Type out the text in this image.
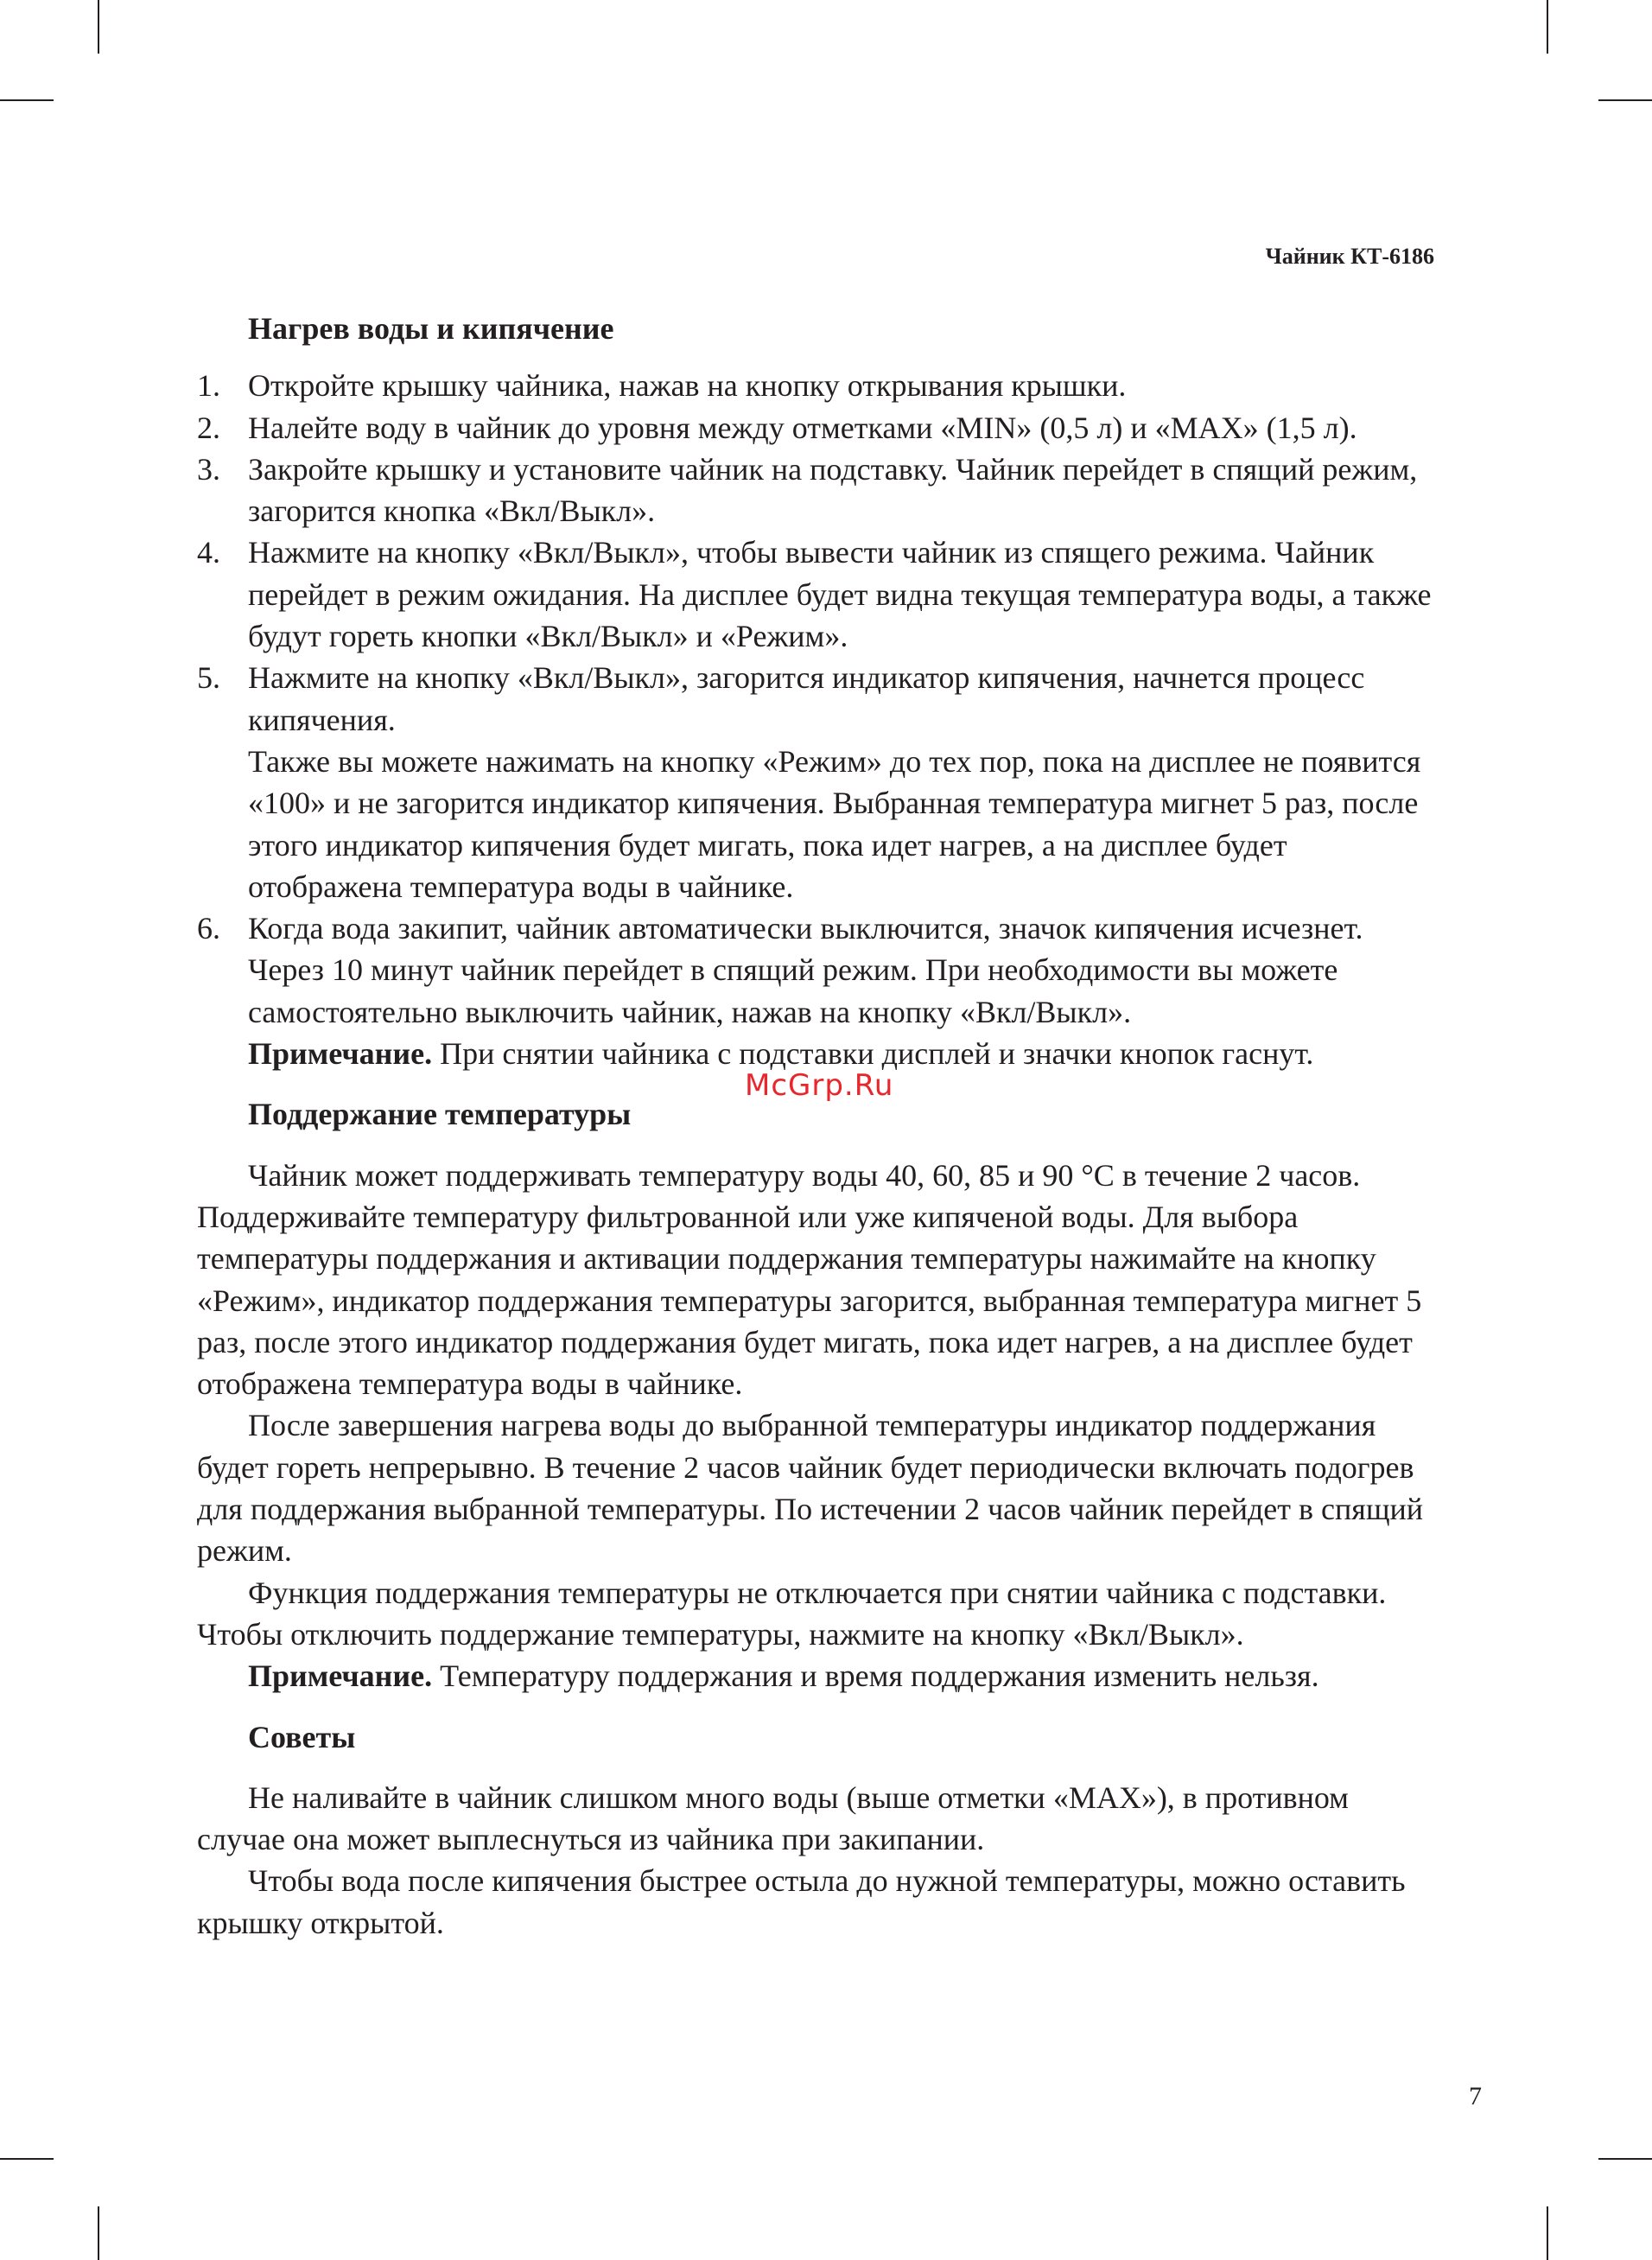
Чайник КТ-6186

Нагрев воды и кипячение

1. Откройте крышку чайника, нажав на кнопку открывания крышки.

2. Налейте воду в чайник до уровня между отметками «MIN» (0,5 л) и «MAX» (1,5 л).

3. Закройте крышку и установите чайник на подставку. Чайник перейдет в спящий режим, загорится кнопка «Вкл/Выкл».

4. Нажмите на кнопку «Вкл/Выкл», чтобы вывести чайник из спящего режима. Чайник перейдет в режим ожидания. На дисплее будет видна текущая температура воды, а также будут гореть кнопки «Вкл/Выкл» и «Режим».

5. Нажмите на кнопку «Вкл/Выкл», загорится индикатор кипячения, начнется процесс кипячения.

Также вы можете нажимать на кнопку «Режим» до тех пор, пока на дисплее не появится «100» и не загорится индикатор кипячения. Выбранная температура мигнет 5 раз, после этого индикатор кипячения будет мигать, пока идет нагрев, а на дисплее будет отображена температура воды в чайнике.

6. Когда вода закипит, чайник автоматически выключится, значок кипячения исчезнет. Через 10 минут чайник перейдет в спящий режим. При необходимости вы можете самостоятельно выключить чайник, нажав на кнопку «Вкл/Выкл».

Примечание. При снятии чайника с подставки дисплей и значки кнопок гаснут.

Поддержание температуры

Чайник может поддерживать температуру воды 40, 60, 85 и 90 °С в течение 2 часов. Поддерживайте температуру фильтрованной или уже кипяченой воды. Для выбора температуры поддержания и активации поддержания температуры нажимайте на кнопку «Режим», индикатор поддержания температуры загорится, выбранная температура мигнет 5 раз, после этого индикатор поддержания будет мигать, пока идет нагрев, а на дисплее будет отображена температура воды в чайнике.

После завершения нагрева воды до выбранной температуры индикатор поддержания будет гореть непрерывно. В течение 2 часов чайник будет периодически включать подогрев для поддержания выбранной температуры. По истечении 2 часов чайник перейдет в спящий режим.

Функция поддержания температуры не отключается при снятии чайника с подставки. Чтобы отключить поддержание температуры, нажмите на кнопку «Вкл/Выкл».

Примечание. Температуру поддержания и время поддержания изменить нельзя.

Советы

Не наливайте в чайник слишком много воды (выше отметки «MAX»), в противном случае она может выплеснуться из чайника при закипании.

Чтобы вода после кипячения быстрее остыла до нужной температуры, можно оставить крышку открытой.

McGrp.Ru
7
